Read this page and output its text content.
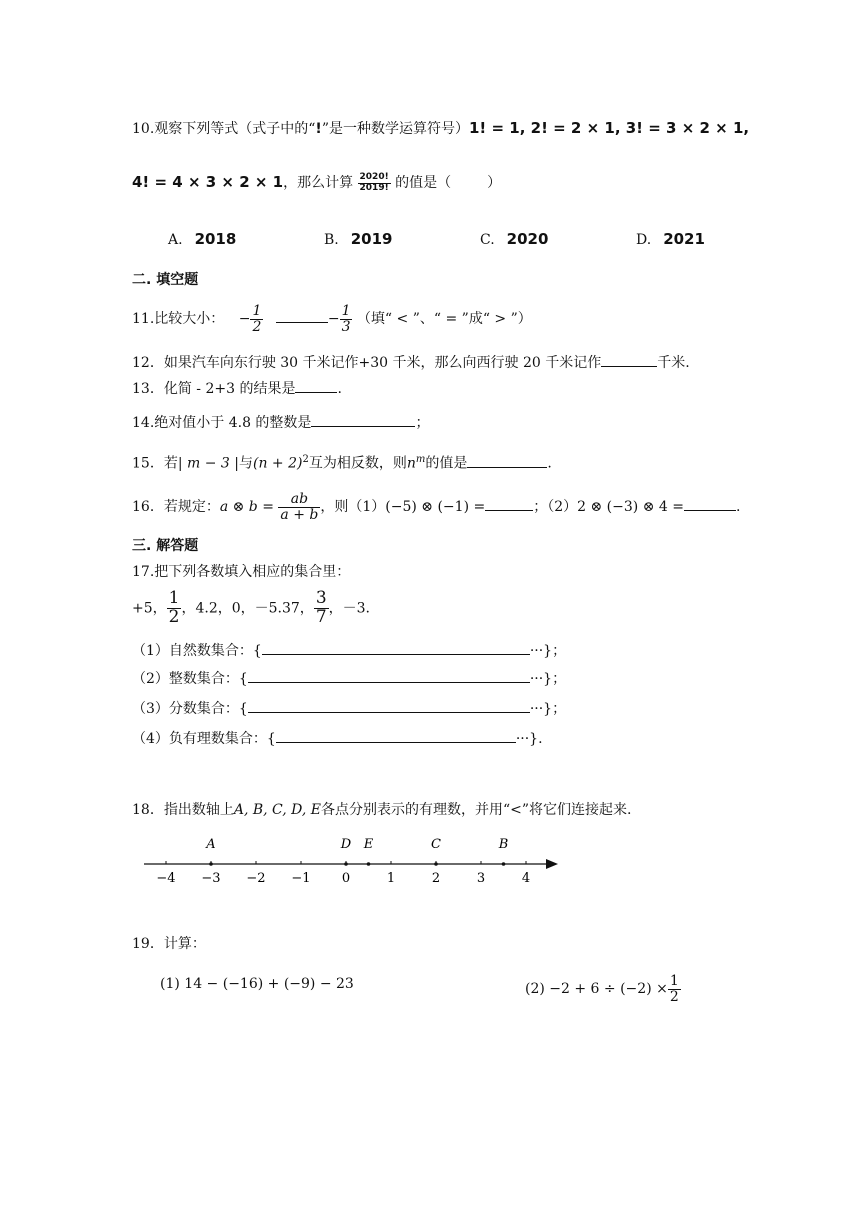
10.观察下列等式（式子中的“!”是一种数学运算符号）1! = 1, 2! = 2 × 1, 3! = 3 × 2 × 1,
4! = 4 × 3 × 2 × 1，那么计算 $\frac{2020!}{2019!}$ 的值是（	）
A. 2018	B. 2019	C. 2020	D. 2021
二. 填空题
11.比较大小： − $\frac{1}{2}$	− $\frac{1}{3}$ （填“ < ”、“ = ”成“ > ”）
12．如果汽车向东行驶 30 千米记作+30 千米，那么向西行驶 20 千米记作	千米.
13．化简 - 2+3 的结果是	.
14.绝对值小于 4.8 的整数是	；
15．若| m − 3 |与$(n + 2)^2$互为相反数，则$n^m$的值是	.
16．若规定：a ⊗ $b = \frac{ab}{a + b}$ ，则（1）(−5) ⊗ (−1) =	；（2）2 ⊗ (−3) ⊗ 4 =	.
三. 解答题
17.把下列各数填入相应的集合里：
+5， $\frac{1}{2}$ ，4.2，0，－5.37， $\frac{3}{7}$ ，－3.
（1）自然数集合：{	···}；
（2）整数集合：{	···}；
（3）分数集合：{	···}；
（4）负有理数集合：{	···}.
18．指出数轴上A, B, C, D, E各点分别表示的有理数，并用“<”将它们连接起来.
−4 −3 −2 −1 0	1	2	3	4
A	D E	C	B
19．计算：
(1) 14 − (−16) + (−9) − 23	$(2) -2 + 6 \div (-2) \times \frac{1}{2}$
